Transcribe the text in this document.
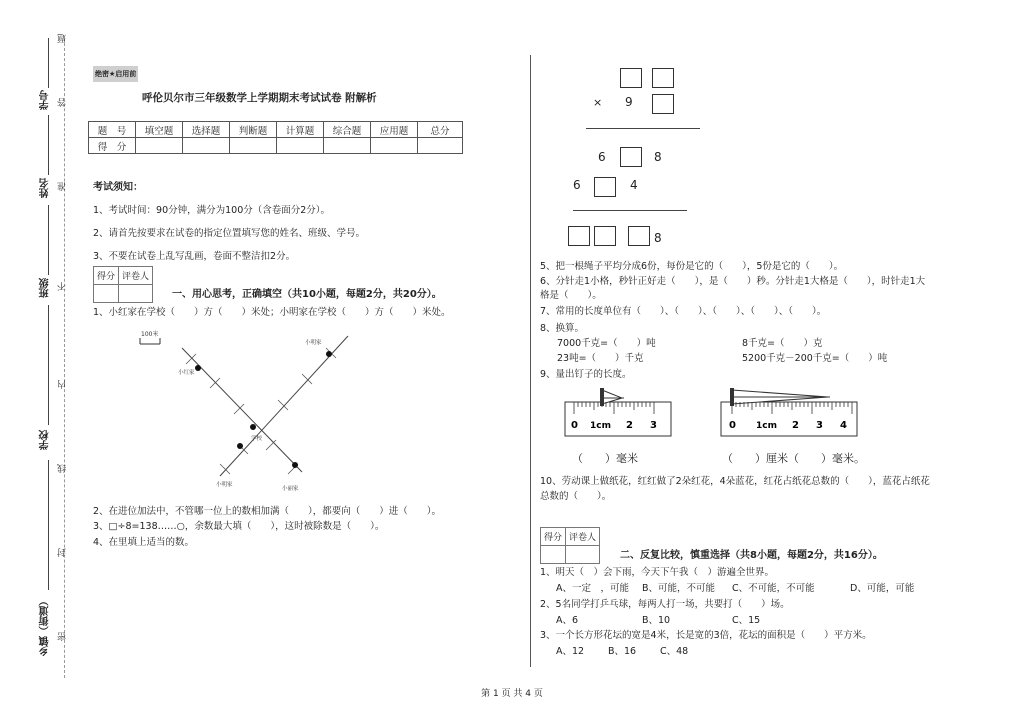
学号
姓名
班级
学校
乡镇（街道）
题
答
准
不
内
线
封
密
绝密★启用前
呼伦贝尔市三年级数学上学期期末考试试卷 附解析
题　号	填空题	选择题	判断题	计算题	综合题	应用题	总分
得　分							
考试须知：
1、考试时间：90分钟，满分为100分（含卷面分2分）。
2、请首先按要求在试卷的指定位置填写您的姓名、班级、学号。
3、不要在试卷上乱写乱画，卷面不整洁扣2分。
得分	评卷人

一、用心思考，正确填空（共10小题，每题2分，共20分）。
1、小红家在学校（　　）方（　　）米处；小明家在学校（　　）方（　　）米处。
100米
小明家
小红家
学校
小明家
小丽家
2、在进位加法中，不管哪一位上的数相加满（　　），都要向（　　）进（　　）。
3、□÷8=138……○，余数最大填（　　），这时被除数是（　　）。
4、在里填上适当的数。
× 9
6	8
6	4
8
5、把一根绳子平均分成6份，每份是它的（　　），5份是它的（　　）。
6、分针走1小格，秒针正好走（　　），是（　　）秒。分针走1大格是（　　），时针走1大
格是（　　）。
7、常用的长度单位有（　　）、（　　）、（　　）、（　　）、（　　）。
8、换算。
7000千克=（　　）吨	8千克=（　　）克
23吨=（　　）千克	5200千克－200千克=（　　）吨
9、量出钉子的长度。
0 1cm 2 3	0 1cm 2 3 4
（　　）毫米	（　　）厘米（　　）毫米。
10、劳动课上做纸花，红红做了2朵红花，4朵蓝花，红花占纸花总数的（　　），蓝花占纸花
总数的（　　）。
得分	评卷人

二、反复比较，慎重选择（共8小题，每题2分，共16分）。
1、明天（　）会下雨，今天下午我（　）游遍全世界。
A、一定　，可能 B、可能，不可能 C、不可能，不可能	D、可能，可能
2、5名同学打乒乓球，每两人打一场，共要打（　　）场。
A、6	B、10	C、15
3、一个长方形花坛的宽是4米，长是宽的3倍，花坛的面积是（　　）平方米。
A、12	B、16	C、48
第 1 页 共 4 页
